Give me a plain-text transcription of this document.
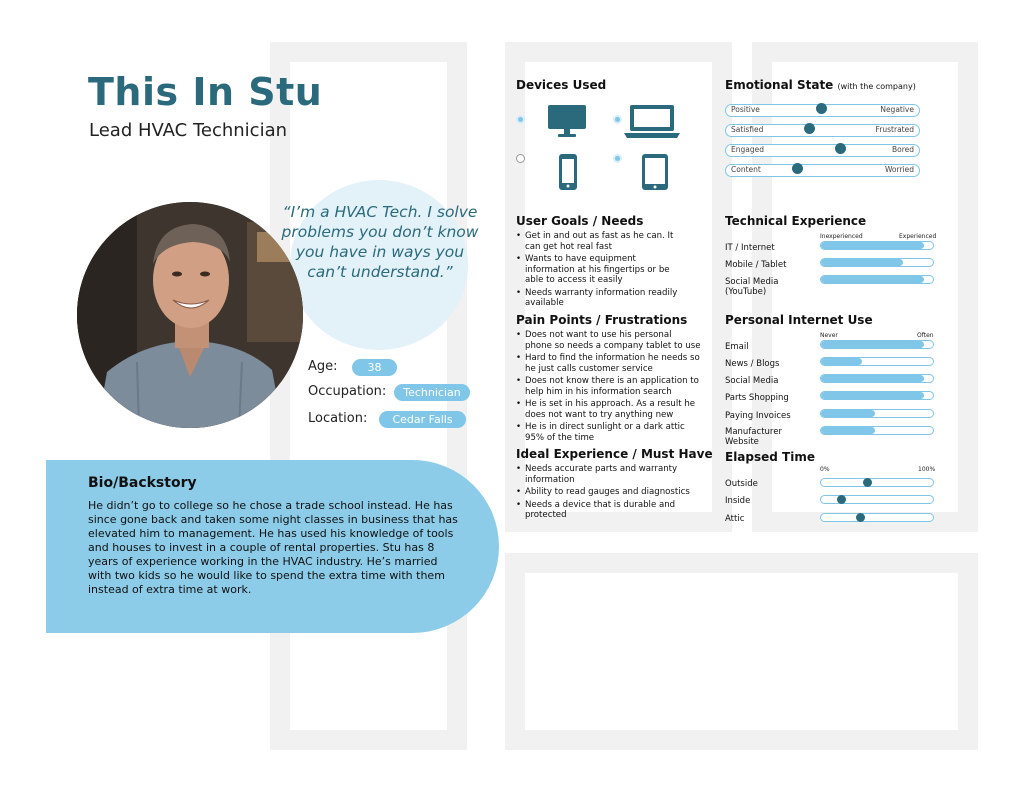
This In Stu
Lead HVAC Technician
“I’m a HVAC Tech. I solve problems you don’t know you have in ways you can’t understand.”
Age:	38
Occupation:	Technician
Location:	Cedar Falls
Bio/Backstory
He didn’t go to college so he chose a trade school instead. He has since gone back and taken some night classes in business that has elevated him to management. He has used his knowledge of tools and houses to invest in a couple of rental properties. Stu has 8 years of experience working in the HVAC industry. He’s married with two kids so he would like to spend the extra time with them instead of extra time at work.
Devices Used
User Goals / Needs
• Get in and out as fast as he can. It can get hot real fast
• Wants to have equipment information at his fingertips or be able to access it easily
• Needs warranty information readily available
Pain Points / Frustrations
• Does not want to use his personal phone so needs a company tablet to use
• Hard to find the information he needs so he just calls customer service
• Does not know there is an application to help him in his information search
• He is set in his approach. As a result he does not want to try anything new
• He is in direct sunlight or a dark attic 95% of the time
Ideal Experience / Must Have
• Needs accurate parts and warranty information
• Ability to read gauges and diagnostics
• Needs a device that is durable and protected
Emotional State (with the company)
Positive	Negative
Satisfied	Frustrated
Engaged	Bored
Content	Worried
Technical Experience
Inexperienced	Experienced
IT / Internet
Mobile / Tablet
Social Media (YouTube)
Personal Internet Use
Never	Often
Email
News / Blogs
Social Media
Parts Shopping
Paying Invoices
Manufacturer Website
Elapsed Time
0%	100%
Outside
Inside
Attic
